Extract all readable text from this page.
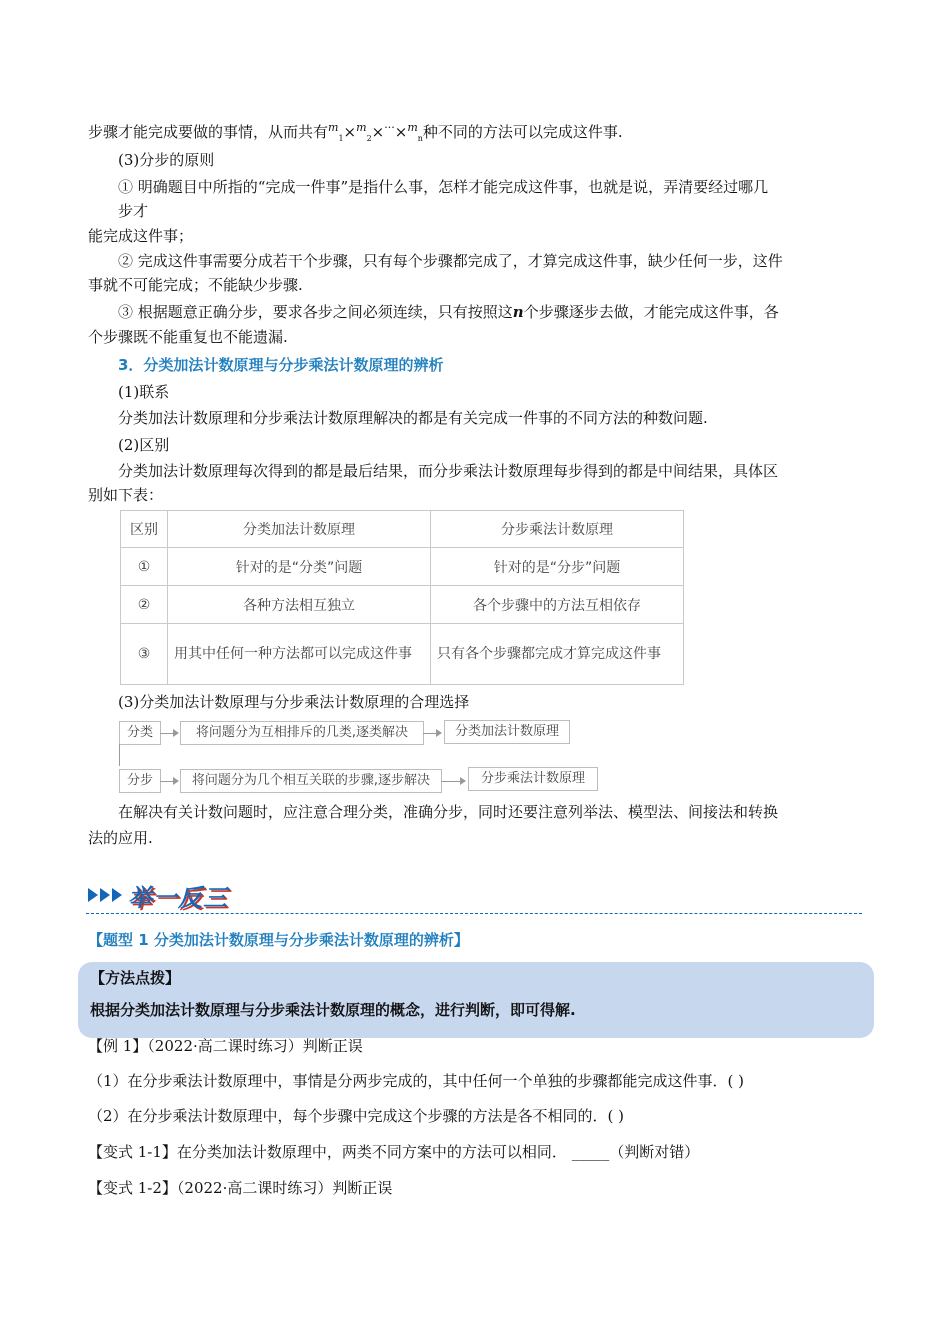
步骤才能完成要做的事情，从而共有$^m_1$×$^m_2$×···×$^m_n$种不同的方法可以完成这件事.
(3)分步的原则
① 明确题目中所指的“完成一件事”是指什么事，怎样才能完成这件事，也就是说，弄清要经过哪几
步才
能完成这件事；
② 完成这件事需要分成若干个步骤，只有每个步骤都完成了，才算完成这件事，缺少任何一步，这件
事就不可能完成；不能缺少步骤.
③ 根据题意正确分步，要求各步之间必须连续，只有按照这n个步骤逐步去做，才能完成这件事，各
个步骤既不能重复也不能遗漏.
3．分类加法计数原理与分步乘法计数原理的辨析
(1)联系
分类加法计数原理和分步乘法计数原理解决的都是有关完成一件事的不同方法的种数问题.
(2)区别
分类加法计数原理每次得到的都是最后结果，而分步乘法计数原理每步得到的都是中间结果，具体区
别如下表：
区别	分类加法计数原理	分步乘法计数原理
①	针对的是“分类”问题	针对的是“分步”问题
②	各种方法相互独立	各个步骤中的方法互相依存
③	用其中任何一种方法都可以完成这件事	只有各个步骤都完成才算完成这件事
(3)分类加法计数原理与分步乘法计数原理的合理选择
分类	将问题分为互相排斥的几类,逐类解决	分类加法计数原理
分步	将问题分为几个相互关联的步骤,逐步解决	分步乘法计数原理
在解决有关计数问题时，应注意合理分类，准确分步，同时还要注意列举法、模型法、间接法和转换
法的应用.
举一反三
【题型 1 分类加法计数原理与分步乘法计数原理的辨析】
【方法点拨】
根据分类加法计数原理与分步乘法计数原理的概念，进行判断，即可得解.
【例 1】（2022·高二课时练习）判断正误
（1）在分步乘法计数原理中，事情是分两步完成的，其中任何一个单独的步骤都能完成这件事．( )
（2）在分步乘法计数原理中，每个步骤中完成这个步骤的方法是各不相同的．( )
【变式 1-1】在分类加法计数原理中，两类不同方案中的方法可以相同． _____（判断对错）
【变式 1-2】（2022·高二课时练习）判断正误
